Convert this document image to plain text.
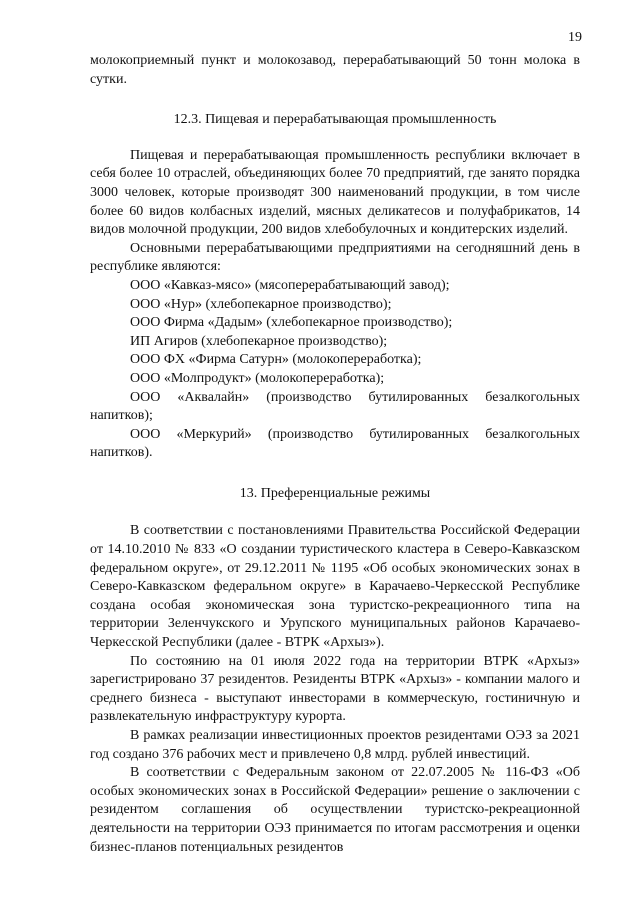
19

молокоприемный пункт и молокозавод, перерабатывающий 50 тонн молока в сутки.

12.3. Пищевая и перерабатывающая промышленность

Пищевая и перерабатывающая промышленность республики включает в себя более 10 отраслей, объединяющих более 70 предприятий, где занято порядка 3000 человек, которые производят 300 наименований продукции, в том числе более 60 видов колбасных изделий, мясных деликатесов и полуфабрикатов, 14 видов молочной продукции, 200 видов хлебобулочных и кондитерских изделий.

Основными перерабатывающими предприятиями на сегодняшний день в республике являются:

ООО «Кавказ-мясо» (мясоперерабатывающий завод);

ООО «Нур» (хлебопекарное производство);

ООО Фирма «Дадым» (хлебопекарное производство);

ИП Агиров (хлебопекарное производство);

ООО ФХ «Фирма Сатурн» (молокопереработка);

ООО «Молпродукт» (молокопереработка);

ООО «Аквалайн» (производство бутилированных безалкогольных напитков);

ООО «Меркурий» (производство бутилированных безалкогольных напитков).

13. Преференциальные режимы

В соответствии с постановлениями Правительства Российской Федерации от 14.10.2010 № 833 «О создании туристического кластера в Северо-Кавказском федеральном округе», от 29.12.2011 № 1195 «Об особых экономических зонах в Северо-Кавказском федеральном округе» в Карачаево-Черкесской Республике создана особая экономическая зона туристско-рекреационного типа на территории Зеленчукского и Урупского муниципальных районов Карачаево-Черкесской Республики (далее - ВТРК «Архыз»).

По состоянию на 01 июля 2022 года на территории ВТРК «Архыз» зарегистрировано 37 резидентов. Резиденты ВТРК «Архыз» - компании малого и среднего бизнеса - выступают инвесторами в коммерческую, гостиничную и развлекательную инфраструктуру курорта.

В рамках реализации инвестиционных проектов резидентами ОЭЗ за 2021 год создано 376 рабочих мест и привлечено 0,8 млрд. рублей инвестиций.

В соответствии с Федеральным законом от 22.07.2005 № 116-ФЗ «Об особых экономических зонах в Российской Федерации» решение о заключении с резидентом соглашения об осуществлении туристско-рекреационной деятельности на территории ОЭЗ принимается по итогам рассмотрения и оценки бизнес-планов потенциальных резидентов
